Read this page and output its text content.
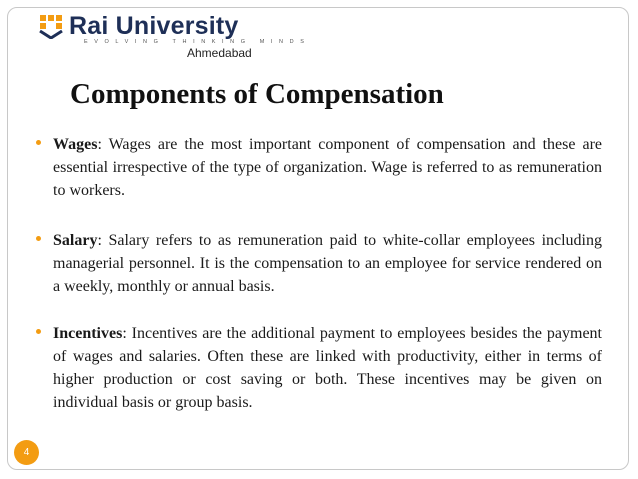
Rai University
EVOLVING THINKING MINDS
Ahmedabad
Components of Compensation
Wages: Wages are the most important component of compensation and these are essential irrespective of the type of organization. Wage is referred to as remuneration to workers.
Salary: Salary refers to as remuneration paid to white-collar employees including managerial personnel. It is the compensation to an employee for service rendered on a weekly, monthly or annual basis.
Incentives: Incentives are the additional payment to employees besides the payment of wages and salaries. Often these are linked with productivity, either in terms of higher production or cost saving or both. These incentives may be given on individual basis or group basis.
4
